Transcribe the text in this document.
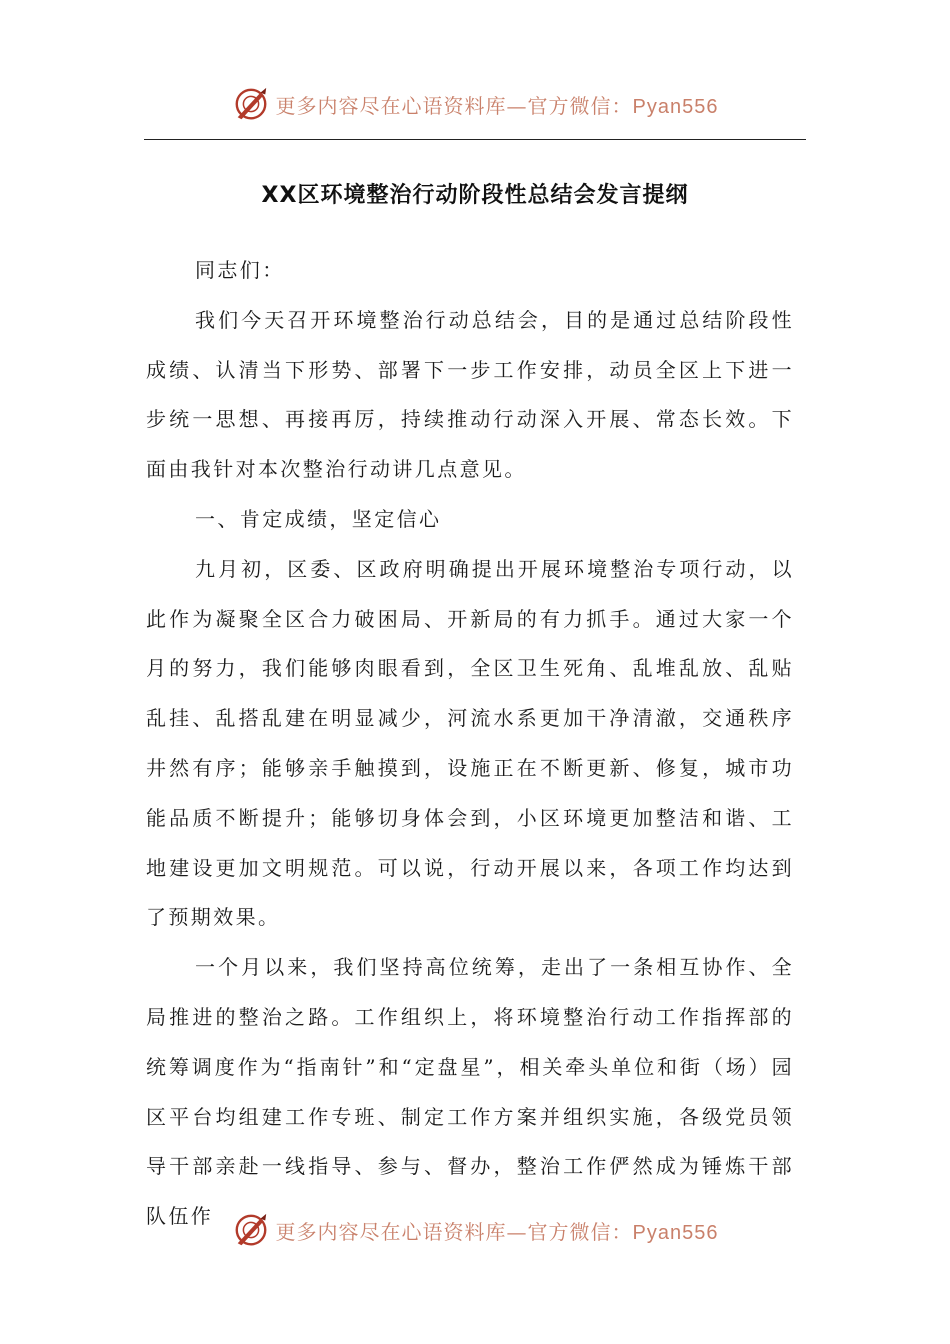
更多内容尽在心语资料库—官方微信：Pyan556
XX区环境整治行动阶段性总结会发言提纲

同志们：

我们今天召开环境整治行动总结会，目的是通过总结阶段性成绩、认清当下形势、部署下一步工作安排，动员全区上下进一步统一思想、再接再厉，持续推动行动深入开展、常态长效。下面由我针对本次整治行动讲几点意见。

一、肯定成绩，坚定信心

九月初，区委、区政府明确提出开展环境整治专项行动，以此作为凝聚全区合力破困局、开新局的有力抓手。通过大家一个月的努力，我们能够肉眼看到，全区卫生死角、乱堆乱放、乱贴乱挂、乱搭乱建在明显减少，河流水系更加干净清澈，交通秩序井然有序；能够亲手触摸到，设施正在不断更新、修复，城市功能品质不断提升；能够切身体会到，小区环境更加整洁和谐、工地建设更加文明规范。可以说，行动开展以来，各项工作均达到了预期效果。

一个月以来，我们坚持高位统筹，走出了一条相互协作、全局推进的整治之路。工作组织上，将环境整治行动工作指挥部的统筹调度作为“指南针”和“定盘星”，相关牵头单位和街（场）园区平台均组建工作专班、制定工作方案并组织实施，各级党员领导干部亲赴一线指导、参与、督办，整治工作俨然成为锤炼干部队伍作

更多内容尽在心语资料库—官方微信：Pyan556
